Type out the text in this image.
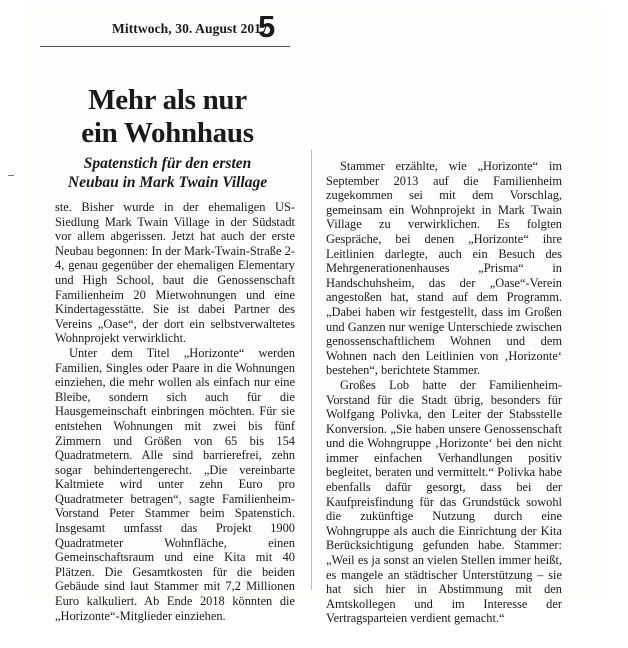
Mittwoch, 30. August 2017
5
Mehr als nur
ein Wohnhaus
Spatenstich für den ersten
Neubau in Mark Twain Village

ste. Bisher wurde in der ehemaligen US-Siedlung Mark Twain Village in der Südstadt vor allem abgerissen. Jetzt hat auch der erste Neubau begonnen: In der Mark-Twain-Straße 2-4, genau gegenüber der ehemaligen Elementary und High School, baut die Genossenschaft Familienheim 20 Mietwohnungen und eine Kindertagesstätte. Sie ist dabei Partner des Vereins „Oase“, der dort ein selbstverwaltetes Wohnprojekt verwirklicht.

Unter dem Titel „Horizonte“ werden Familien, Singles oder Paare in die Wohnungen einziehen, die mehr wollen als einfach nur eine Bleibe, sondern sich auch für die Hausgemeinschaft einbringen möchten. Für sie entstehen Wohnungen mit zwei bis fünf Zimmern und Größen von 65 bis 154 Quadratmetern. Alle sind barrierefrei, zehn sogar behindertengerecht. „Die vereinbarte Kaltmiete wird unter zehn Euro pro Quadratmeter betragen“, sagte Familienheim-Vorstand Peter Stammer beim Spatenstich. Insgesamt umfasst das Projekt 1900 Quadratmeter Wohnfläche, einen Gemeinschaftsraum und eine Kita mit 40 Plätzen. Die Gesamtkosten für die beiden Gebäude sind laut Stammer mit 7,2 Millionen Euro kalkuliert. Ab Ende 2018 könnten die „Horizonte“-Mitglieder einziehen.

Stammer erzählte, wie „Horizonte“ im September 2013 auf die Familienheim zugekommen sei mit dem Vorschlag, gemeinsam ein Wohnprojekt in Mark Twain Village zu verwirklichen. Es folgten Gespräche, bei denen „Horizonte“ ihre Leitlinien darlegte, auch ein Besuch des Mehrgenerationenhauses „Prisma“ in Handschuhsheim, das der „Oase“-Verein angestoßen hat, stand auf dem Programm. „Dabei haben wir festgestellt, dass im Großen und Ganzen nur wenige Unterschiede zwischen genossenschaftlichem Wohnen und dem Wohnen nach den Leitlinien von ‚Horizonte‘ bestehen“, berichtete Stammer.

Großes Lob hatte der Familienheim-Vorstand für die Stadt übrig, besonders für Wolfgang Polivka, den Leiter der Stabsstelle Konversion. „Sie haben unsere Genossenschaft und die Wohngruppe ‚Horizonte‘ bei den nicht immer einfachen Verhandlungen positiv begleitet, beraten und vermittelt.“ Polivka habe ebenfalls dafür gesorgt, dass bei der Kaufpreisfindung für das Grundstück sowohl die zukünftige Nutzung durch eine Wohngruppe als auch die Einrichtung der Kita Berücksichtigung gefunden habe. Stammer: „Weil es ja sonst an vielen Stellen immer heißt, es mangele an städtischer Unterstützung – sie hat sich hier in Abstimmung mit den Amtskollegen und im Interesse der Vertragsparteien verdient gemacht.“
